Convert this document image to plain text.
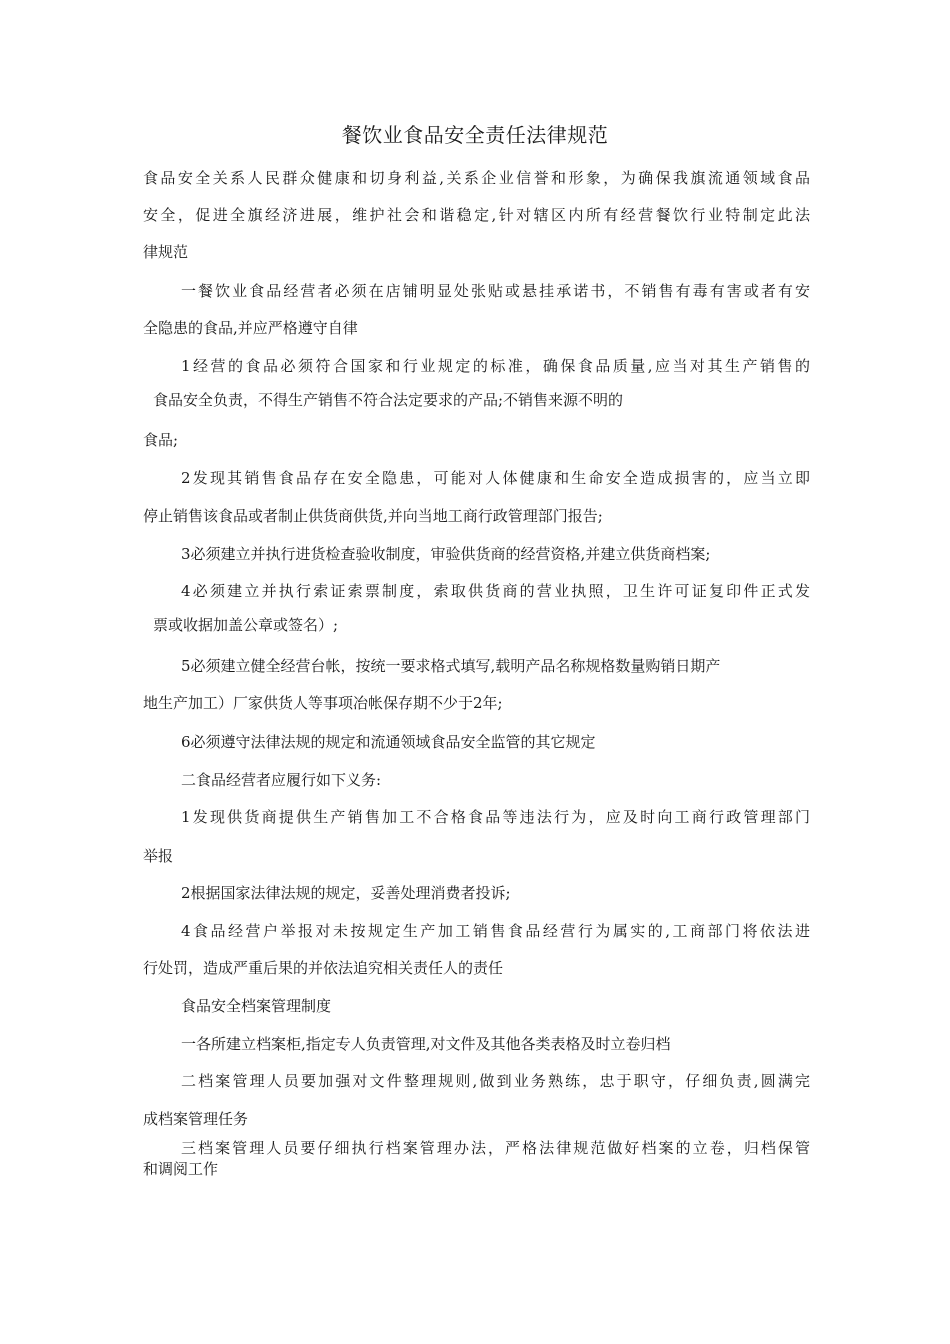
餐饮业食品安全责任法律规范
食品安全关系人民群众健康和切身利益,关系企业信誉和形象，为确保我旗流通领域食品
安全，促进全旗经济进展，维护社会和谐稳定,针对辖区内所有经营餐饮行业特制定此法
律规范
一餐饮业食品经营者必须在店铺明显处张贴或悬挂承诺书，不销售有毒有害或者有安
全隐患的食品,并应严格遵守自律
1经营的食品必须符合国家和行业规定的标准，确保食品质量,应当对其生产销售的
食品安全负责，不得生产销售不符合法定要求的产品;不销售来源不明的
食品;
2发现其销售食品存在安全隐患，可能对人体健康和生命安全造成损害的，应当立即
停止销售该食品或者制止供货商供货,并向当地工商行政管理部门报告;
3必须建立并执行进货检查验收制度，审验供货商的经营资格,并建立供货商档案;
4必须建立并执行索证索票制度，索取供货商的营业执照，卫生许可证复印件正式发
票或收据加盖公章或签名）;
5必须建立健全经营台帐，按统一要求格式填写,载明产品名称规格数量购销日期产
地生产加工）厂家供货人等事项冶帐保存期不少于2年;
6必须遵守法律法规的规定和流通领域食品安全监管的其它规定
二食品经营者应履行如下义务:
1发现供货商提供生产销售加工不合格食品等违法行为，应及时向工商行政管理部门
举报
2根据国家法律法规的规定，妥善处理消费者投诉;
4食品经营户举报对未按规定生产加工销售食品经营行为属实的,工商部门将依法进
行处罚，造成严重后果的并依法追究相关责任人的责任
食品安全档案管理制度
一各所建立档案柜,指定专人负责管理,对文件及其他各类表格及时立卷归档
二档案管理人员要加强对文件整理规则,做到业务熟练，忠于职守，仔细负责,圆满完
成档案管理任务
三档案管理人员要仔细执行档案管理办法，严格法律规范做好档案的立卷，归档保管
和调阅工作
